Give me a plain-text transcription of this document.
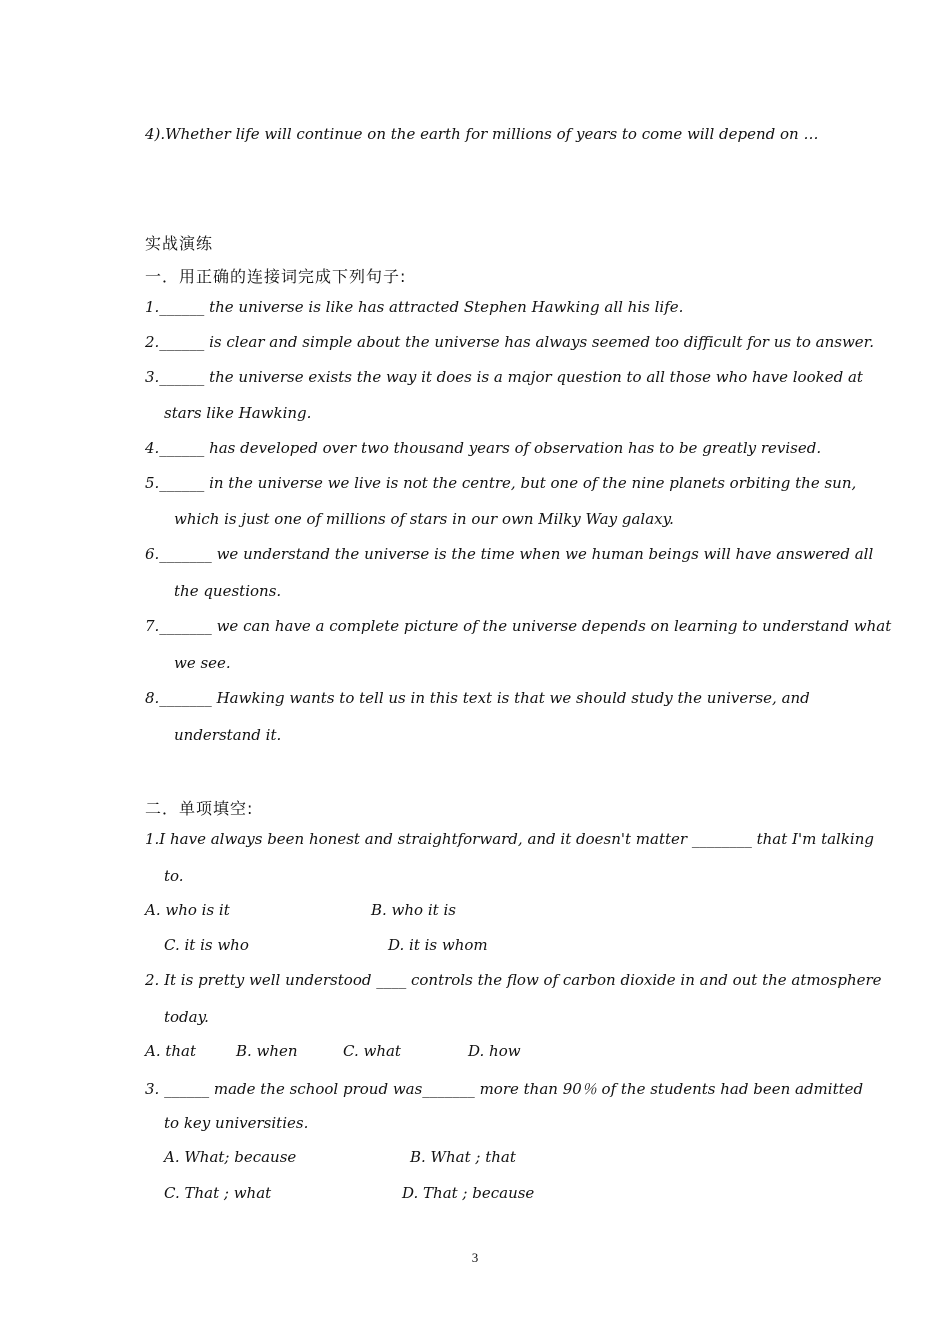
4).Whether life will continue on the earth for millions of years to come will depend on …
实战演练
一．用正确的连接词完成下列句子:
1.______ the universe is like has attracted Stephen Hawking all his life.
2.______ is clear and simple about the universe has always seemed too difficult for us to answer.
3.______ the universe exists the way it does is a major question to all those who have looked at
stars like Hawking.
4.______ has developed over two thousand years of observation has to be greatly revised.
5.______ in the universe we live is not the centre, but one of the nine planets orbiting the sun,
which is just one of millions of stars in our own Milky Way galaxy.
6._______ we understand the universe is the time when we human beings will have answered all
the questions.
7._______ we can have a complete picture of the universe depends on learning to understand what
we see.
8._______ Hawking wants to tell us in this text is that we should study the universe, and
understand it.
二．单项填空:
1.I have always been honest and straightforward, and it doesn't matter ________ that I'm talking
to.
A. who is it	B. who it is
C. it is who	D. it is whom
2. It is pretty well understood ____ controls the flow of carbon dioxide in and out the atmosphere
today.
A. that	B. when	C. what	D. how
3. ______ made the school proud was_______ more than 90％ of the students had been admitted
to key universities.
A. What; because	B. What ; that
C. That ; what	D. That ; because
3
